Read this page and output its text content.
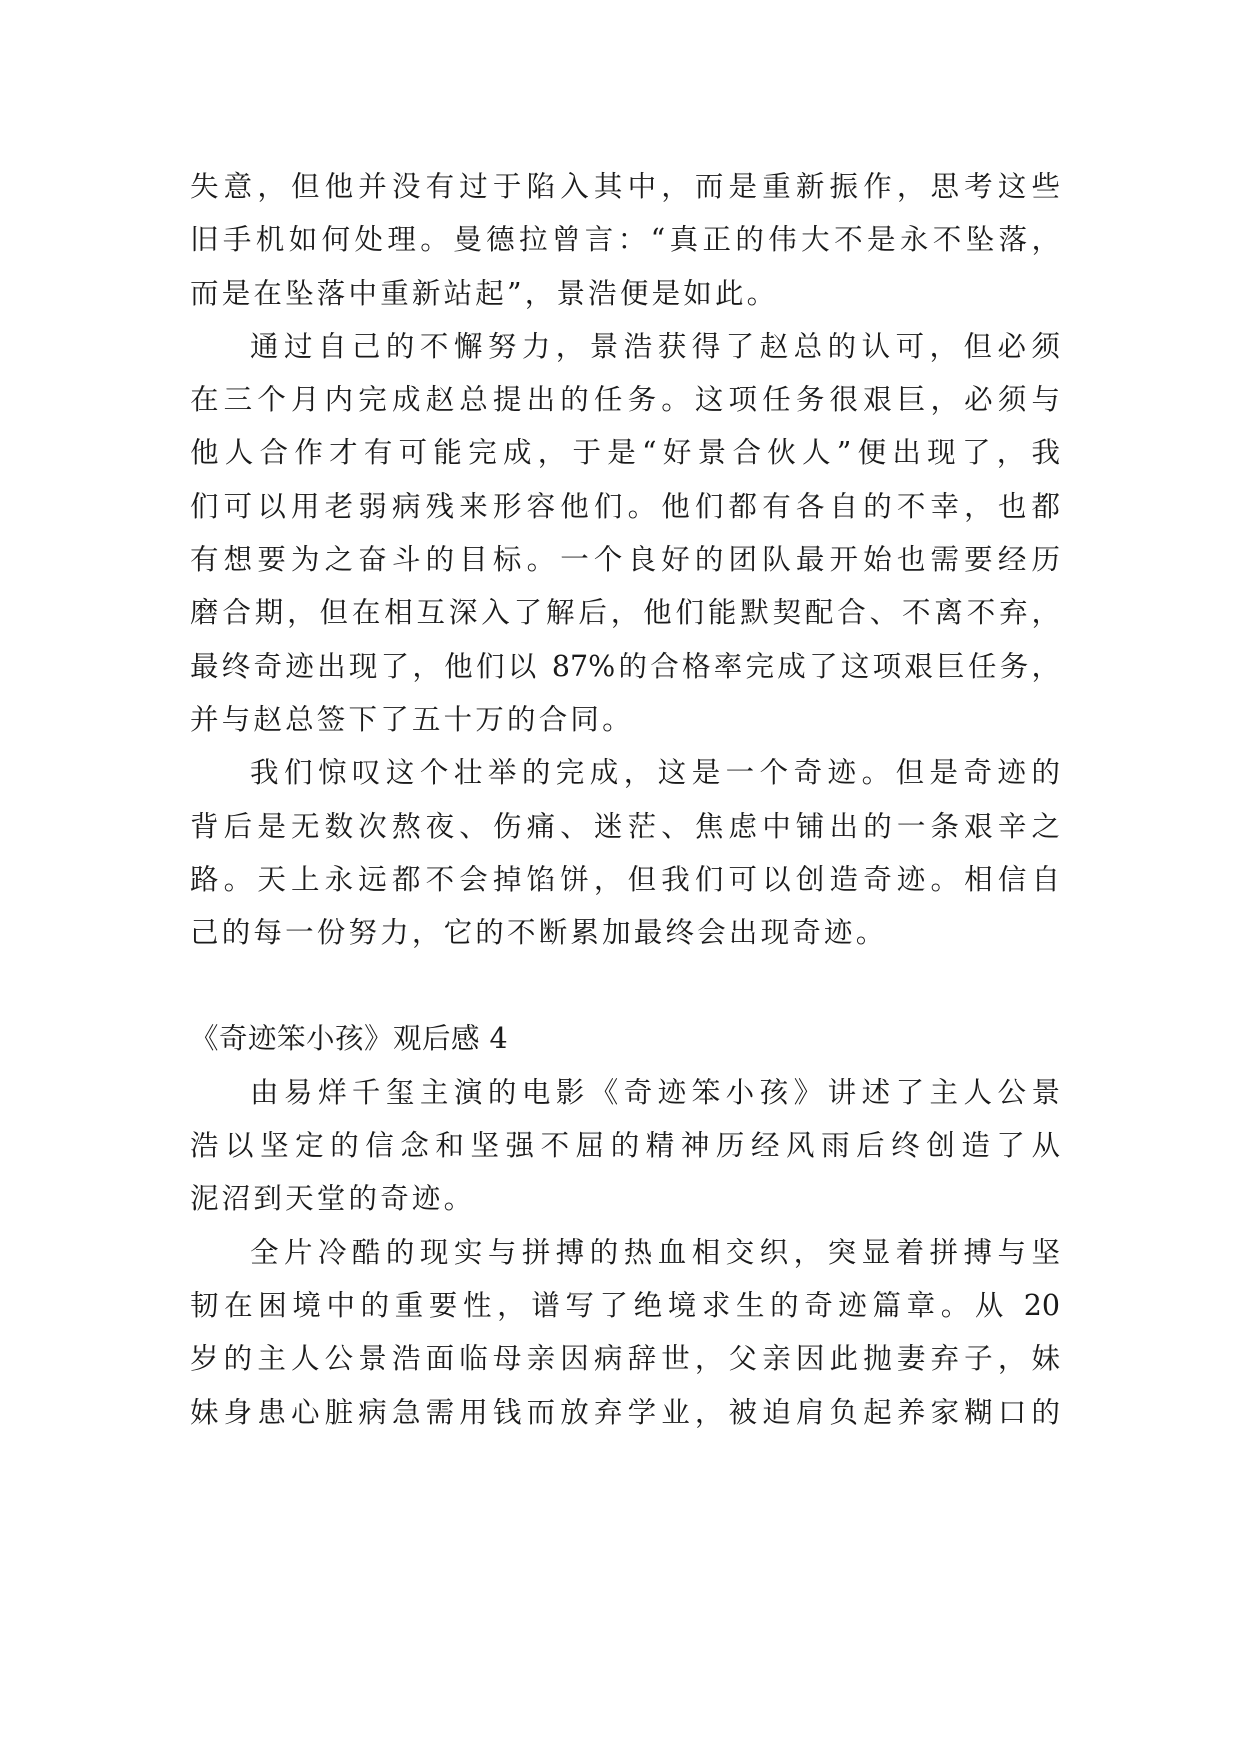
失意，但他并没有过于陷入其中，而是重新振作，思考这些
旧手机如何处理。曼德拉曾言：“真正的伟大不是永不坠落，
而是在坠落中重新站起”，景浩便是如此。
通过自己的不懈努力，景浩获得了赵总的认可，但必须
在三个月内完成赵总提出的任务。这项任务很艰巨，必须与
他人合作才有可能完成，于是“好景合伙人”便出现了，我
们可以用老弱病残来形容他们。他们都有各自的不幸，也都
有想要为之奋斗的目标。一个良好的团队最开始也需要经历
磨合期，但在相互深入了解后，他们能默契配合、不离不弃，
最终奇迹出现了，他们以 87%的合格率完成了这项艰巨任务，
并与赵总签下了五十万的合同。
我们惊叹这个壮举的完成，这是一个奇迹。但是奇迹的
背后是无数次熬夜、伤痛、迷茫、焦虑中铺出的一条艰辛之
路。天上永远都不会掉馅饼，但我们可以创造奇迹。相信自
己的每一份努力，它的不断累加最终会出现奇迹。
《奇迹笨小孩》观后感 4
由易烊千玺主演的电影《奇迹笨小孩》讲述了主人公景
浩以坚定的信念和坚强不屈的精神历经风雨后终创造了从
泥沼到天堂的奇迹。
全片冷酷的现实与拼搏的热血相交织，突显着拼搏与坚
韧在困境中的重要性，谱写了绝境求生的奇迹篇章。从 20
岁的主人公景浩面临母亲因病辞世，父亲因此抛妻弃子，妹
妹身患心脏病急需用钱而放弃学业，被迫肩负起养家糊口的
